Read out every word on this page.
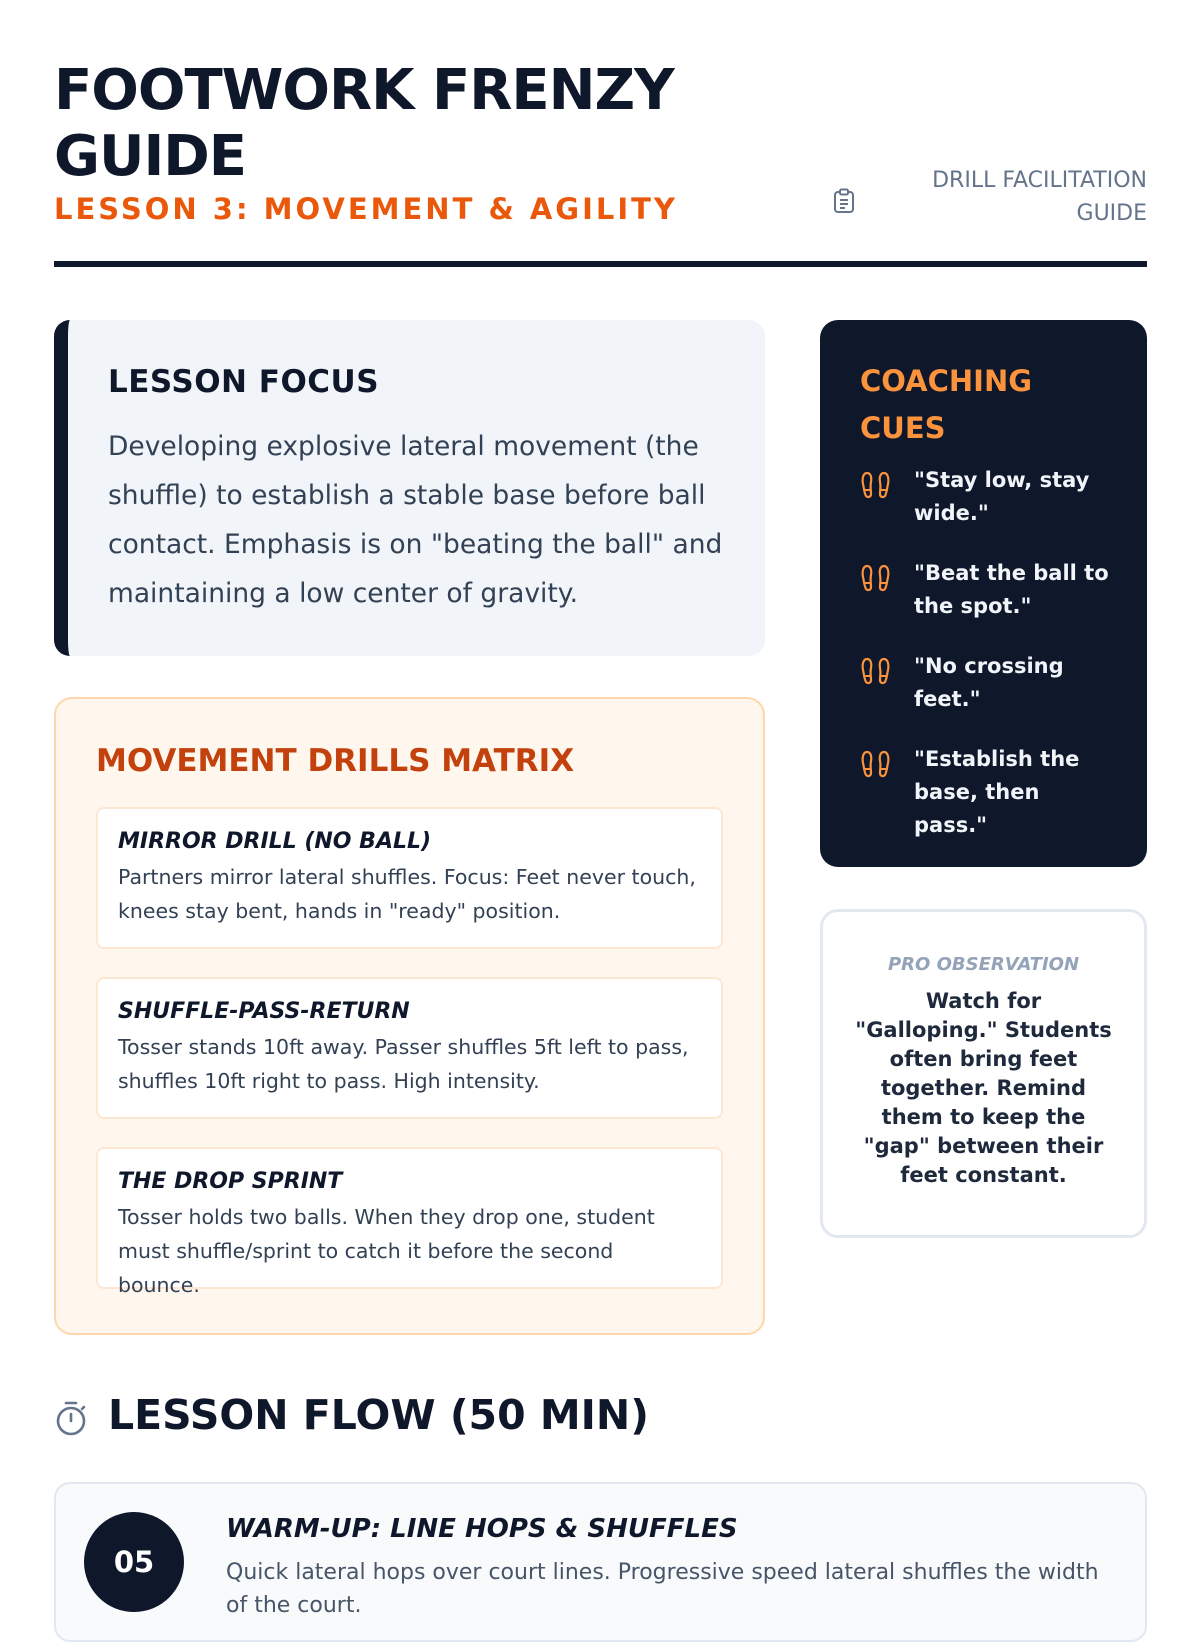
FOOTWORK FRENZY GUIDE
LESSON 3: MOVEMENT & AGILITY
DRILL FACILITATION GUIDE
LESSON FOCUS

Developing explosive lateral movement (the shuffle) to establish a stable base before ball contact. Emphasis is on "beating the ball" and maintaining a low center of gravity.

MOVEMENT DRILLS MATRIX
MIRROR DRILL (NO BALL)
Partners mirror lateral shuffles. Focus: Feet never touch, knees stay bent, hands in "ready" position.
SHUFFLE-PASS-RETURN
Tosser stands 10ft away. Passer shuffles 5ft left to pass, shuffles 10ft right to pass. High intensity.
THE DROP SPRINT
Tosser holds two balls. When they drop one, student must shuffle/sprint to catch it before the second bounce.
COACHING CUES
"Stay low, stay wide."
"Beat the ball to the spot."
"No crossing feet."
"Establish the base, then pass."
PRO OBSERVATION

Watch for "Galloping." Students often bring feet together. Remind them to keep the "gap" between their feet constant.

LESSON FLOW (50 MIN)
05
WARM-UP: LINE HOPS & SHUFFLES
Quick lateral hops over court lines. Progressive speed lateral shuffles the width of the court.
